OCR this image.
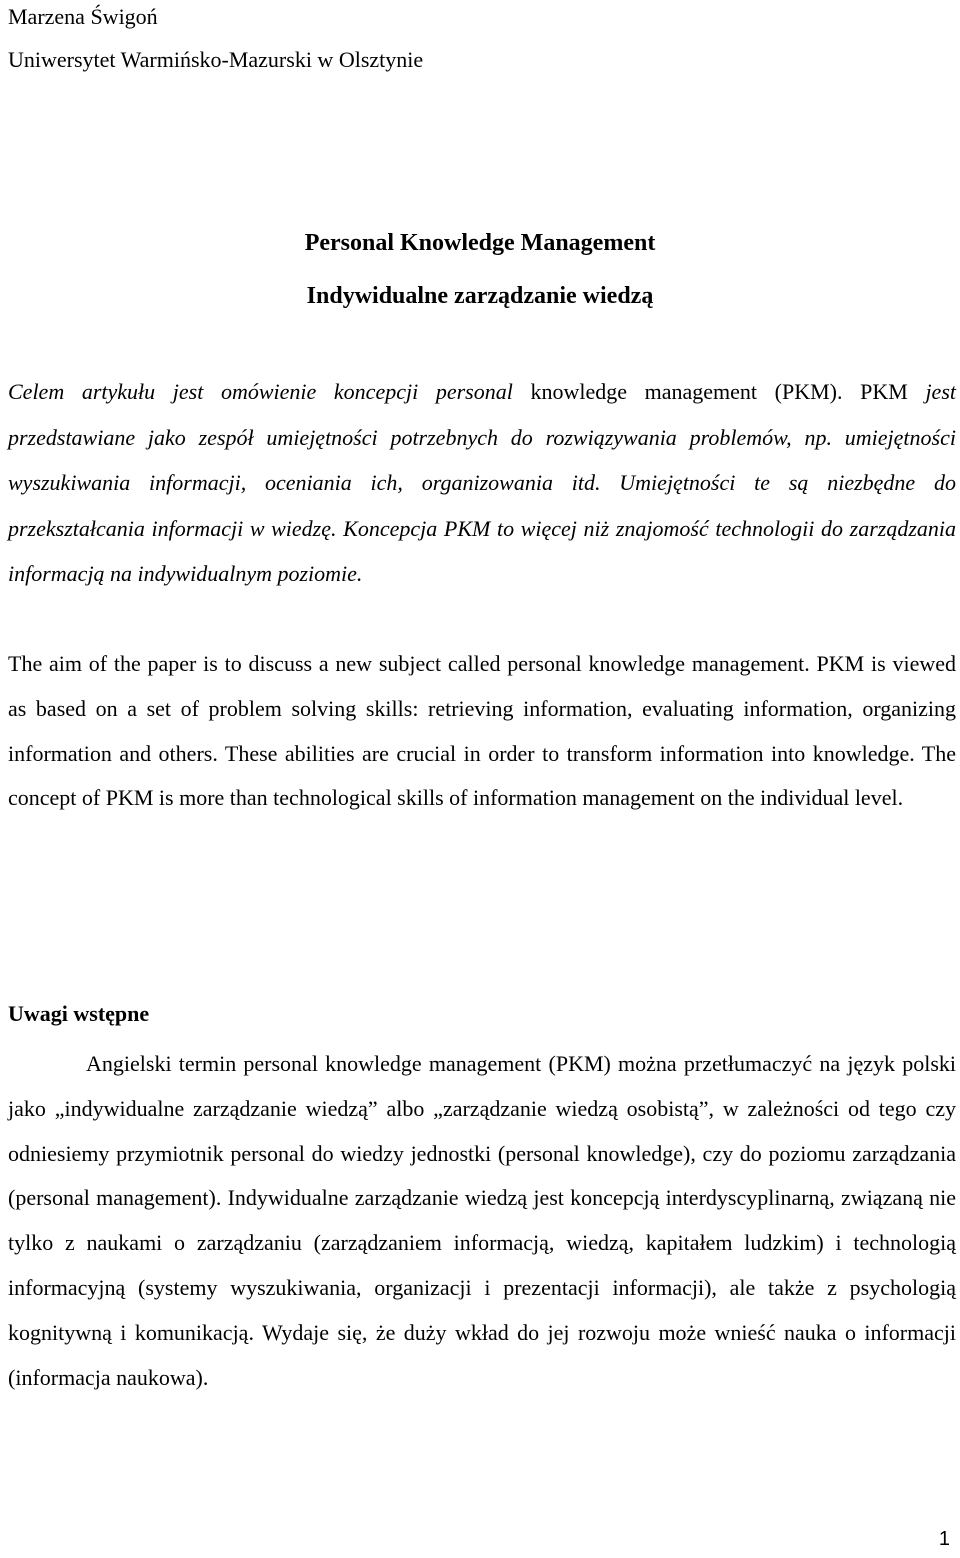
Marzena Świgoń

Uniwersytet Warmińsko-Mazurski w Olsztynie

Personal Knowledge Management
Indywidualne zarządzanie wiedzą

Celem artykułu jest omówienie koncepcji personal knowledge management (PKM). PKM jest przedstawiane jako zespół umiejętności potrzebnych do rozwiązywania problemów, np. umiejętności wyszukiwania informacji, oceniania ich, organizowania itd. Umiejętności te są niezbędne do przekształcania informacji w wiedzę. Koncepcja PKM to więcej niż znajomość technologii do zarządzania informacją na indywidualnym poziomie.

The aim of the paper is to discuss a new subject called personal knowledge management. PKM is viewed as based on a set of problem solving skills: retrieving information, evaluating information, organizing information and others. These abilities are crucial in order to transform information into knowledge. The concept of PKM is more than technological skills of information management on the individual level.

Uwagi wstępne

Angielski termin personal knowledge management (PKM) można przetłumaczyć na język polski jako „indywidualne zarządzanie wiedzą” albo „zarządzanie wiedzą osobistą”, w zależności od tego czy odniesiemy przymiotnik personal do wiedzy jednostki (personal knowledge), czy do poziomu zarządzania (personal management). Indywidualne zarządzanie wiedzą jest koncepcją interdyscyplinarną, związaną nie tylko z naukami o zarządzaniu (zarządzaniem informacją, wiedzą, kapitałem ludzkim) i technologią informacyjną (systemy wyszukiwania, organizacji i prezentacji informacji), ale także z psychologią kognitywną i komunikacją. Wydaje się, że duży wkład do jej rozwoju może wnieść nauka o informacji (informacja naukowa).

1
